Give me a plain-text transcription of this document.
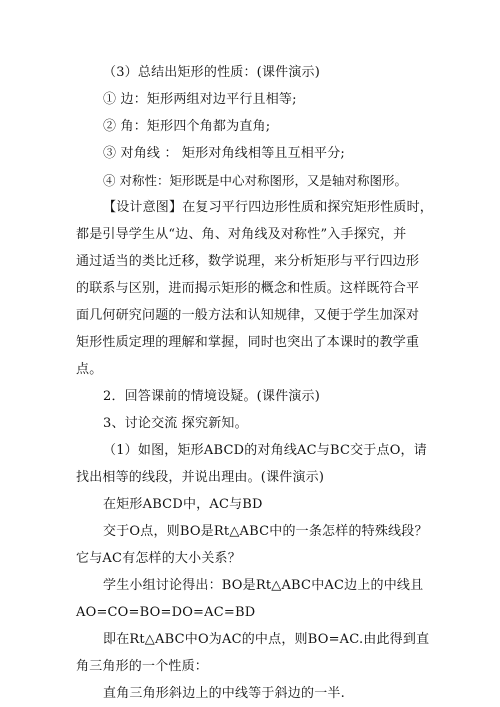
（3）总结出矩形的性质：(课件演示)
① 边：矩形两组对边平行且相等;
② 角：矩形四个角都为直角;
③ 对角线 ： 矩形对角线相等且互相平分;
④ 对称性：矩形既是中心对称图形，又是轴对称图形。
【设计意图】在复习平行四边形性质和探究矩形性质时，
都是引导学生从“边、角、对角线及对称性”入手探究，并
通过适当的类比迁移，数学说理，来分析矩形与平行四边形
的联系与区别，进而揭示矩形的概念和性质。这样既符合平
面几何研究问题的一般方法和认知规律，又便于学生加深对
矩形性质定理的理解和掌握，同时也突出了本课时的教学重
点。
2．回答课前的情境设疑。(课件演示)
3、讨论交流 探究新知。
（1）如图，矩形ABCD的对角线AC与BC交于点O，请
找出相等的线段，并说出理由。(课件演示)
在矩形ABCD中，AC与BD
交于O点，则BO是Rt△ABC中的一条怎样的特殊线段？
它与AC有怎样的大小关系？
学生小组讨论得出：BO是Rt△ABC中AC边上的中线且
AO=CO=BO=DO=AC=BD
即在Rt△ABC中O为AC的中点，则BO=AC.由此得到直
角三角形的一个性质：
直角三角形斜边上的中线等于斜边的一半.
